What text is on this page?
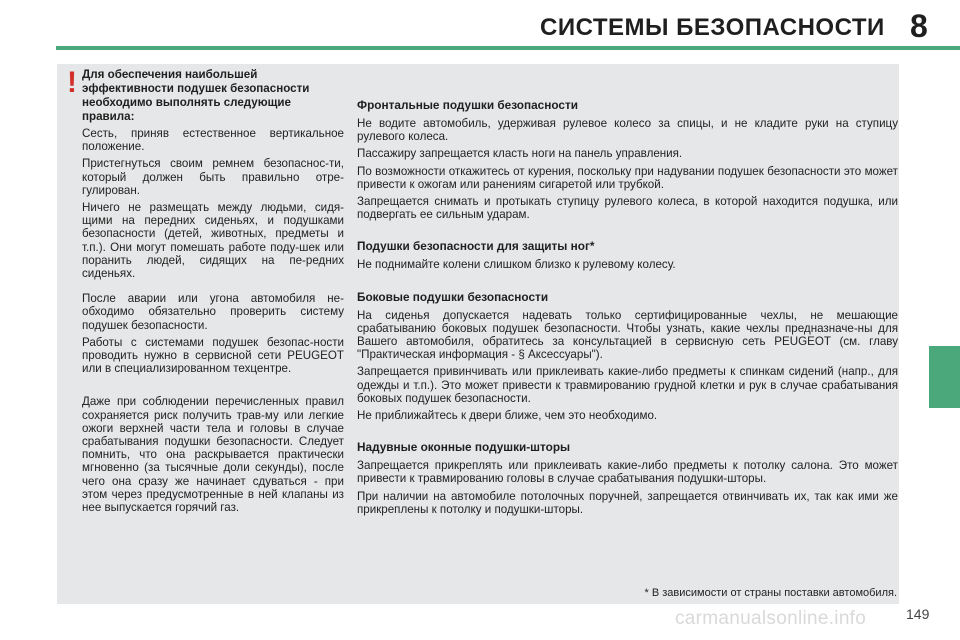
СИСТЕМЫ БЕЗОПАСНОСТИ 8
! Для обеспечения наибольшей эффективности подушек безопасности необходимо выполнять следующие правила:
Сесть, приняв естественное вертикальное положение.
Пристегнуться своим ремнем безопаснос-ти, который должен быть правильно отре-гулирован.
Ничего не размещать между людьми, сидя-щими на передних сиденьях, и подушками безопасности (детей, животных, предметы и т.п.). Они могут помешать работе поду-шек или поранить людей, сидящих на пе-редних сиденьях.
После аварии или угона автомобиля не-обходимо обязательно проверить систему подушек безопасности.
Работы с системами подушек безопас-ности проводить нужно в сервисной сети PEUGEOT или в специализированном техцентре.
Даже при соблюдении перечисленных правил сохраняется риск получить трав-му или легкие ожоги верхней части тела и головы в случае срабатывания подушки безопасности. Следует помнить, что она раскрывается практически мгновенно (за тысячные доли секунды), после чего она сразу же начинает сдуваться - при этом через предусмотренные в ней клапаны из нее выпускается горячий газ.
Фронтальные подушки безопасности
Не водите автомобиль, удерживая рулевое колесо за спицы, и не кладите руки на ступицу рулевого колеса.
Пассажиру запрещается класть ноги на панель управления.
По возможности откажитесь от курения, поскольку при надувании подушек безопасности это может привести к ожогам или ранениям сигаретой или трубкой.
Запрещается снимать и протыкать ступицу рулевого колеса, в которой находится подушка, или подвергать ее сильным ударам.
Подушки безопасности для защиты ног*
Не поднимайте колени слишком близко к рулевому колесу.
Боковые подушки безопасности
На сиденья допускается надевать только сертифицированные чехлы, не мешающие срабатыванию боковых подушек безопасности. Чтобы узнать, какие чехлы предназначе-ны для Вашего автомобиля, обратитесь за консультацией в сервисную сеть PEUGEOT (см. главу "Практическая информация - § Аксессуары").
Запрещается привинчивать или приклеивать какие-либо предметы к спинкам сидений (напр., для одежды и т.п.). Это может привести к травмированию грудной клетки и рук в случае срабатывания боковых подушек безопасности.
Не приближайтесь к двери ближе, чем это необходимо.
Надувные оконные подушки-шторы
Запрещается прикреплять или приклеивать какие-либо предметы к потолку салона. Это может привести к травмированию головы в случае срабатывания подушки-шторы.
При наличии на автомобиле потолочных поручней, запрещается отвинчивать их, так как ими же прикреплены к потолку и подушки-шторы.
* В зависимости от страны поставки автомобиля.
149
carmanualsonline.info
